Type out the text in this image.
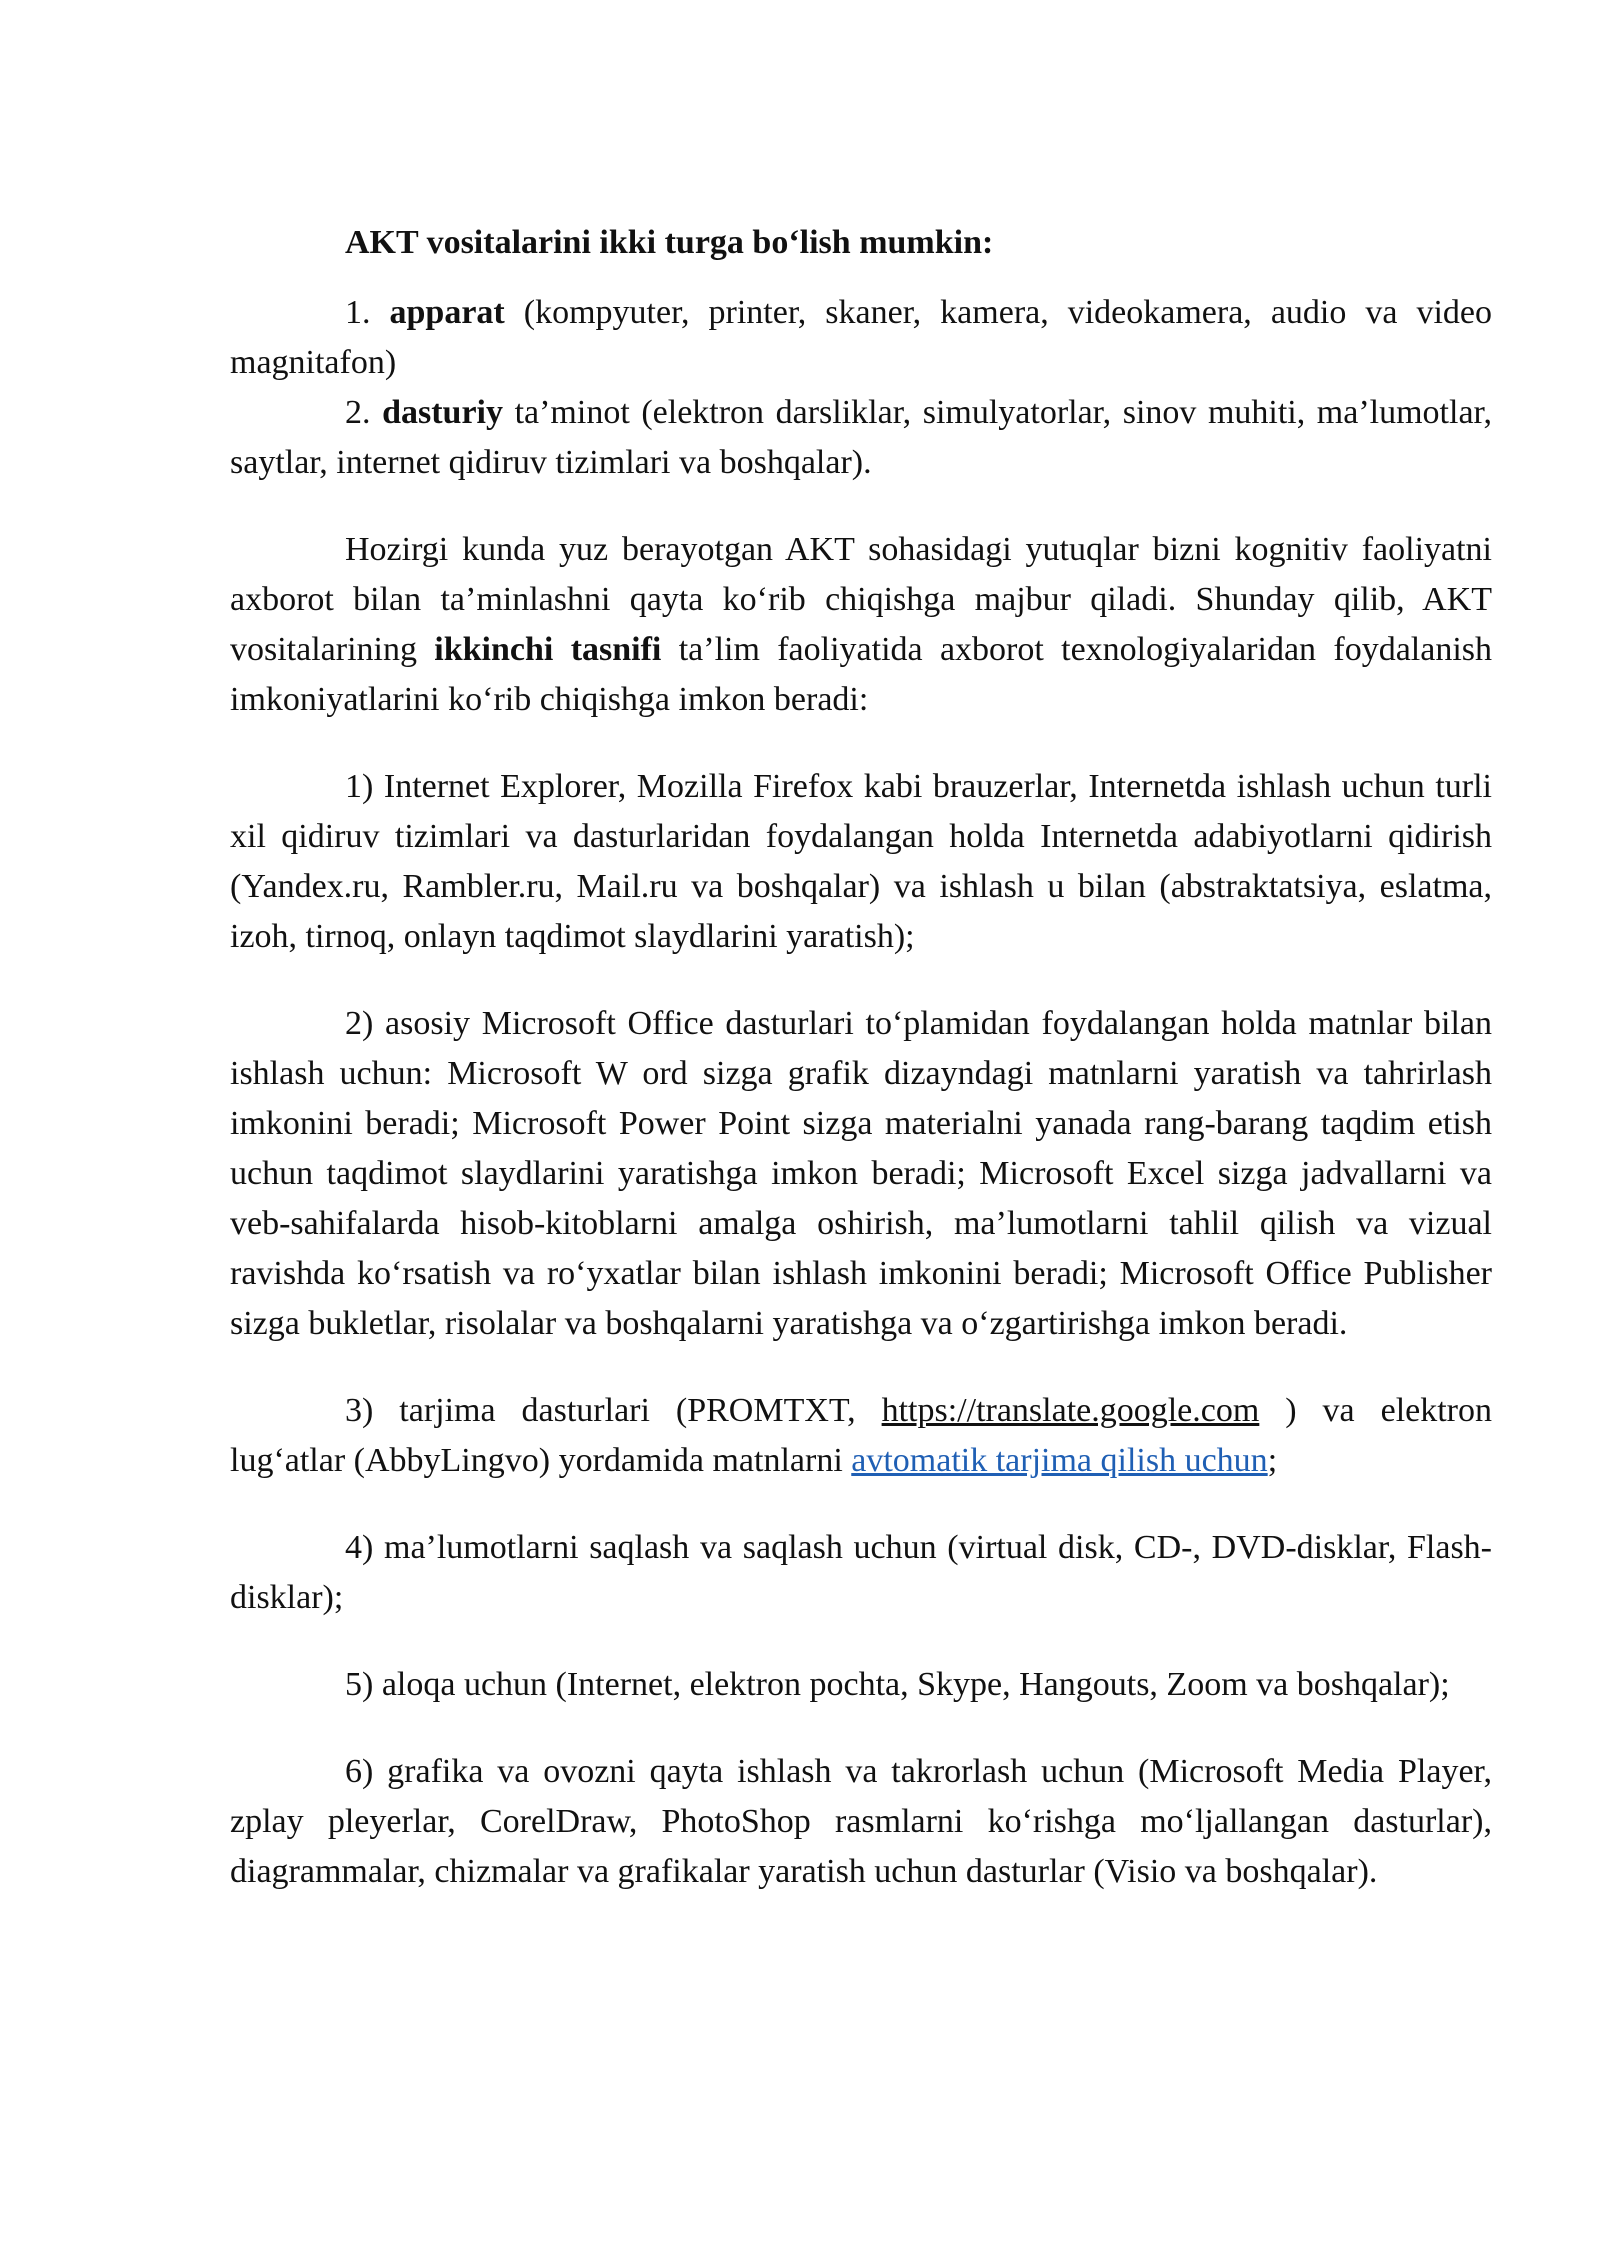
AKT vositalarini ikki turga bo‘lish mumkin:

1. apparat (kompyuter, printer, skaner, kamera, videokamera, audio va video magnitafon)

2. dasturiy ta’minot (elektron darsliklar, simulyatorlar, sinov muhiti, ma’lumotlar, saytlar, internet qidiruv tizimlari va boshqalar).

Hozirgi kunda yuz berayotgan AKT sohasidagi yutuqlar bizni kognitiv faoliyatni axborot bilan ta’minlashni qayta ko‘rib chiqishga majbur qiladi. Shunday qilib, AKT vositalarining ikkinchi tasnifi ta’lim faoliyatida axborot texnologiyalaridan foydalanish imkoniyatlarini ko‘rib chiqishga imkon beradi:

1) Internet Explorer, Mozilla Firefox kabi brauzerlar, Internetda ishlash uchun turli xil qidiruv tizimlari va dasturlaridan foydalangan holda Internetda adabiyotlarni qidirish (Yandex.ru, Rambler.ru, Mail.ru va boshqalar) va ishlash u bilan (abstraktatsiya, eslatma, izoh, tirnoq, onlayn taqdimot slaydlarini yaratish);

2) asosiy Microsoft Office dasturlari to‘plamidan foydalangan holda matnlar bilan ishlash uchun: Microsoft W ord sizga grafik dizayndagi matnlarni yaratish va tahrirlash imkonini beradi; Microsoft Power Point sizga materialni yanada rang-barang taqdim etish uchun taqdimot slaydlarini yaratishga imkon beradi; Microsoft Excel sizga jadvallarni va veb-sahifalarda hisob-kitoblarni amalga oshirish, ma’lumotlarni tahlil qilish va vizual ravishda ko‘rsatish va ro‘yxatlar bilan ishlash imkonini beradi; Microsoft Office Publisher sizga bukletlar, risolalar va boshqalarni yaratishga va o‘zgartirishga imkon beradi.

3) tarjima dasturlari (PROMTXT, https://translate.google.com ) va elektron lug‘atlar (AbbyLingvo) yordamida matnlarni avtomatik tarjima qilish uchun;

4) ma’lumotlarni saqlash va saqlash uchun (virtual disk, CD-, DVD-disklar, Flash-disklar);

5) aloqa uchun (Internet, elektron pochta, Skype, Hangouts, Zoom va boshqalar);

6) grafika va ovozni qayta ishlash va takrorlash uchun (Microsoft Media Player, zplay pleyerlar, CorelDraw, PhotoShop rasmlarni ko‘rishga mo‘ljallangan dasturlar), diagrammalar, chizmalar va grafikalar yaratish uchun dasturlar (Visio va boshqalar).
